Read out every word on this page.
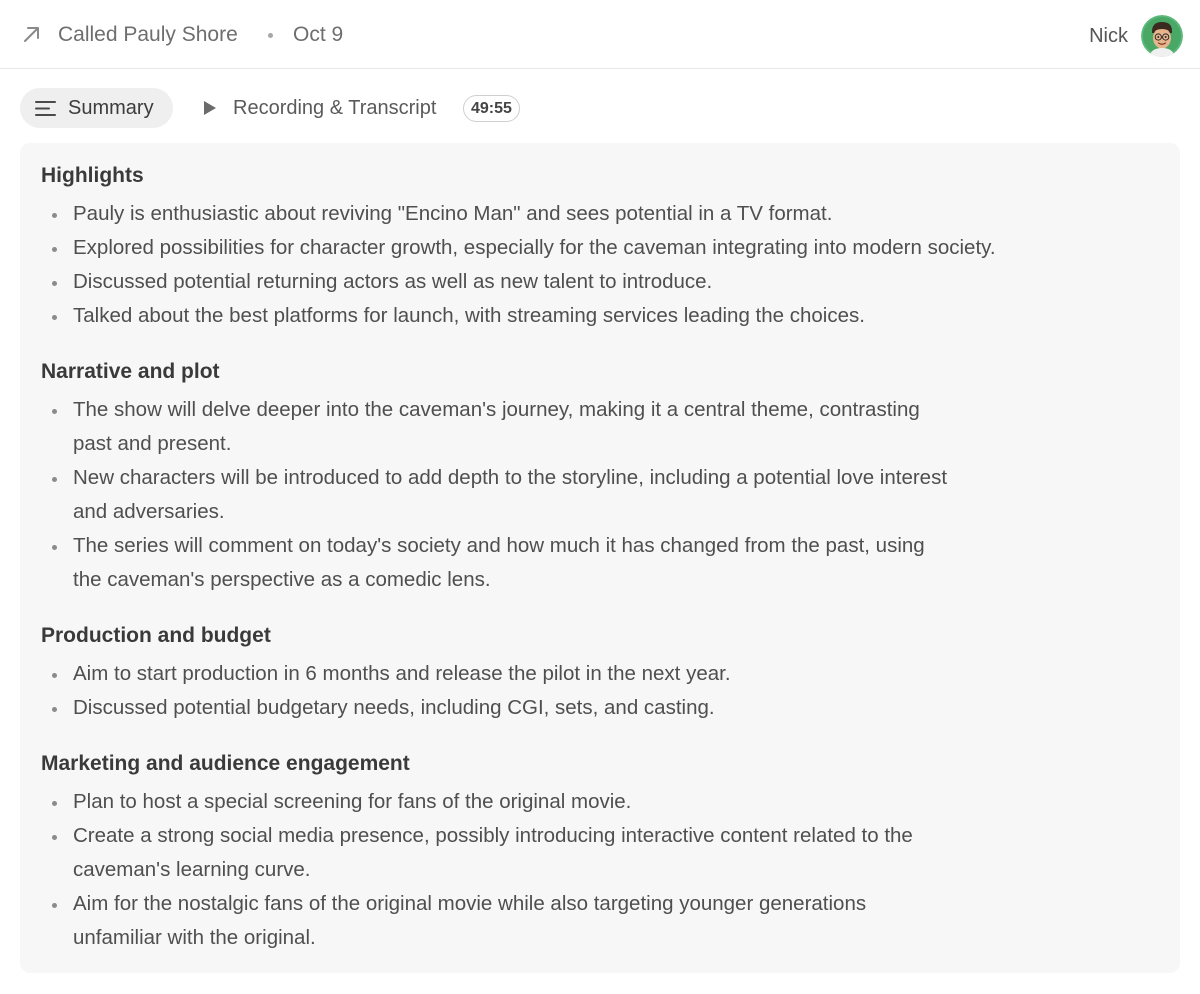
Called Pauly Shore	Oct 9	Nick
Summary	Recording & Transcript	49:55
Highlights
Pauly is enthusiastic about reviving "Encino Man" and sees potential in a TV format.
Explored possibilities for character growth, especially for the caveman integrating into modern society.
Discussed potential returning actors as well as new talent to introduce.
Talked about the best platforms for launch, with streaming services leading the choices.
Narrative and plot
The show will delve deeper into the caveman's journey, making it a central theme, contrasting past and present.
New characters will be introduced to add depth to the storyline, including a potential love interest and adversaries.
The series will comment on today's society and how much it has changed from the past, using the caveman's perspective as a comedic lens.
Production and budget
Aim to start production in 6 months and release the pilot in the next year.
Discussed potential budgetary needs, including CGI, sets, and casting.
Marketing and audience engagement
Plan to host a special screening for fans of the original movie.
Create a strong social media presence, possibly introducing interactive content related to the caveman's learning curve.
Aim for the nostalgic fans of the original movie while also targeting younger generations unfamiliar with the original.
